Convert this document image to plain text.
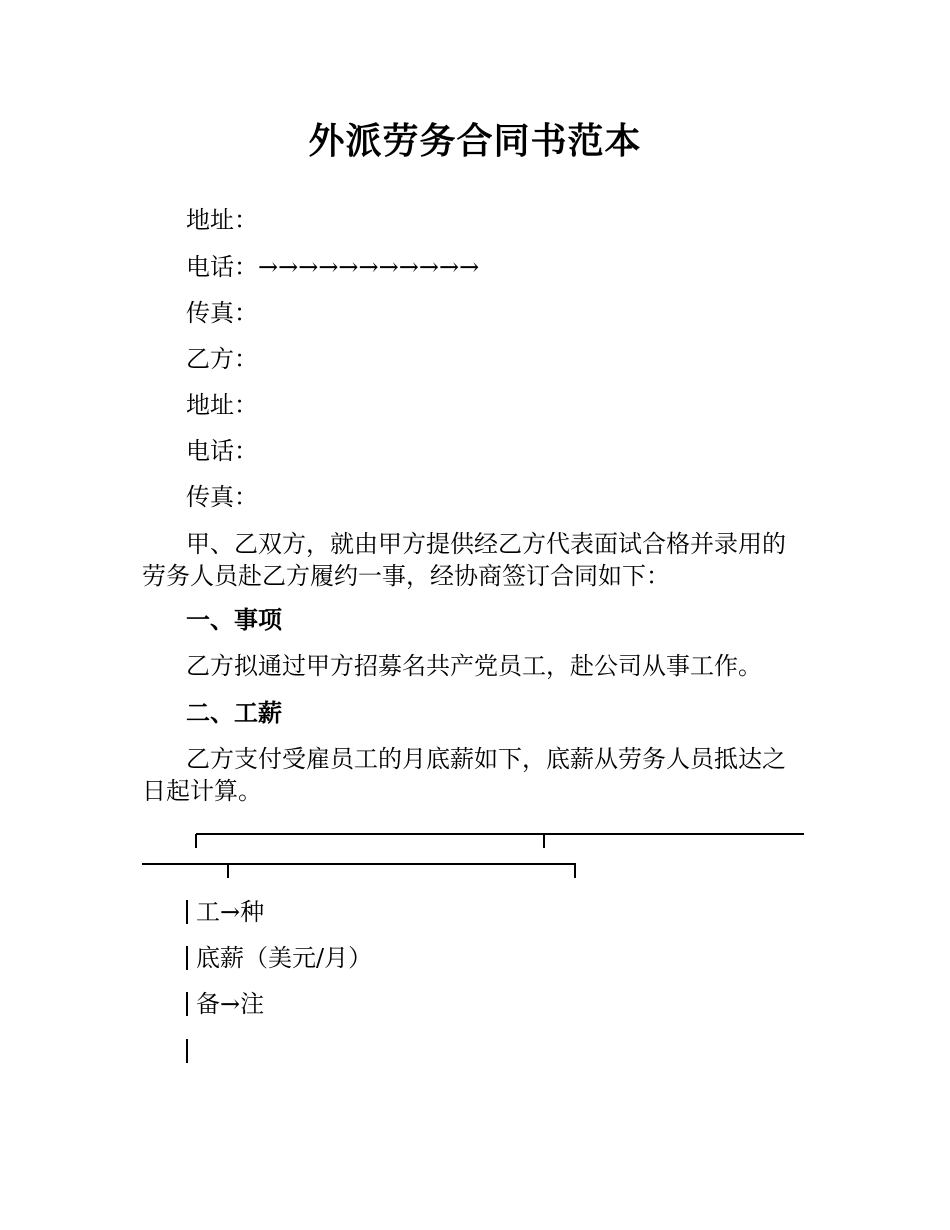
外派劳务合同书范本
地址：
电话：→→→→→→→→→→→
传真：
乙方：
地址：
电话：
传真：
甲、乙双方，就由甲方提供经乙方代表面试合格并录用的
劳务人员赴乙方履约一事，经协商签订合同如下：
一、事项
乙方拟通过甲方招募名共产党员工，赴公司从事工作。
二、工薪
乙方支付受雇员工的月底薪如下，底薪从劳务人员抵达之
日起计算。
工→种
底薪（美元/月）
备→注
